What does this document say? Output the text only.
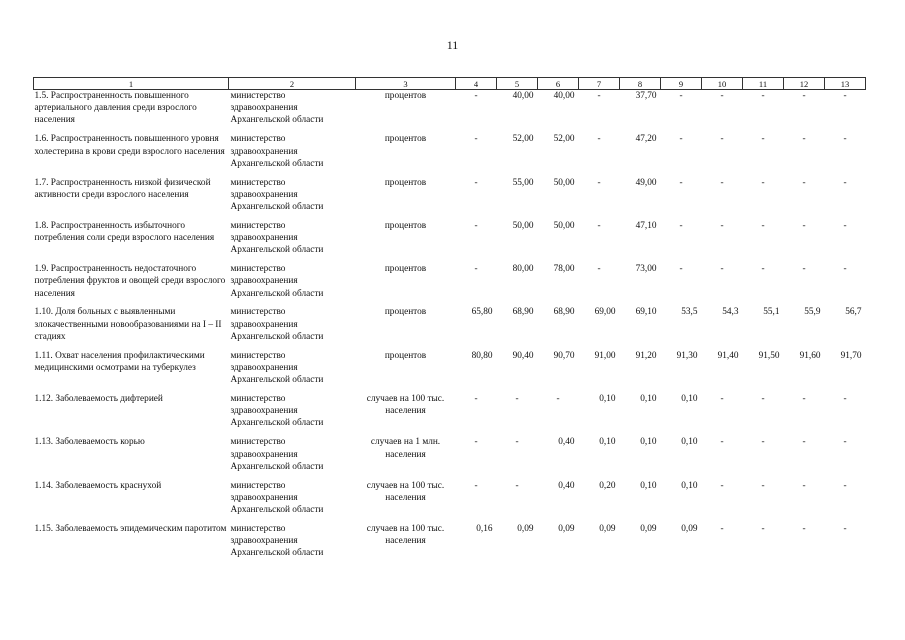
11
1	2	3	4	5	6	7	8	9	10	11	12	13
1.5. Распространенность повышенного артериального давления среди взрослого населения	министерство здравоохранения Архангельской области	процентов	-	40,00	40,00	-	37,70	-	-	-	-	-
1.6. Распространенность повышенного уровня холестерина в крови среди взрослого населения	министерство здравоохранения Архангельской области	процентов	-	52,00	52,00	-	47,20	-	-	-	-	-
1.7. Распространенность низкой физической активности среди взрослого населения	министерство здравоохранения Архангельской области	процентов	-	55,00	50,00	-	49,00	-	-	-	-	-
1.8. Распространенность избыточного потребления соли среди взрослого населения	министерство здравоохранения Архангельской области	процентов	-	50,00	50,00	-	47,10	-	-	-	-	-
1.9. Распространенность недостаточного потребления фруктов и овощей среди взрослого населения	министерство здравоохранения Архангельской области	процентов	-	80,00	78,00	-	73,00	-	-	-	-	-
1.10. Доля больных с выявленными злокачественными новообразованиями на I – II стадиях	министерство здравоохранения Архангельской области	процентов	65,80	68,90	68,90	69,00	69,10	53,5	54,3	55,1	55,9	56,7
1.11. Охват населения профилактическими медицинскими осмотрами на туберкулез	министерство здравоохранения Архангельской области	процентов	80,80	90,40	90,70	91,00	91,20	91,30	91,40	91,50	91,60	91,70
1.12. Заболеваемость дифтерией	министерство здравоохранения Архангельской области	случаев на 100 тыс. населения	-	-	-	0,10	0,10	0,10	-	-	-	-
1.13. Заболеваемость корью	министерство здравоохранения Архангельской области	случаев на 1 млн. населения	-	-	0,40	0,10	0,10	0,10	-	-	-	-
1.14. Заболеваемость краснухой	министерство здравоохранения Архангельской области	случаев на 100 тыс. населения	-	-	0,40	0,20	0,10	0,10	-	-	-	-
1.15. Заболеваемость эпидемическим паротитом	министерство здравоохранения Архангельской области	случаев на 100 тыс. населения	0,16	0,09	0,09	0,09	0,09	0,09	-	-	-	-
